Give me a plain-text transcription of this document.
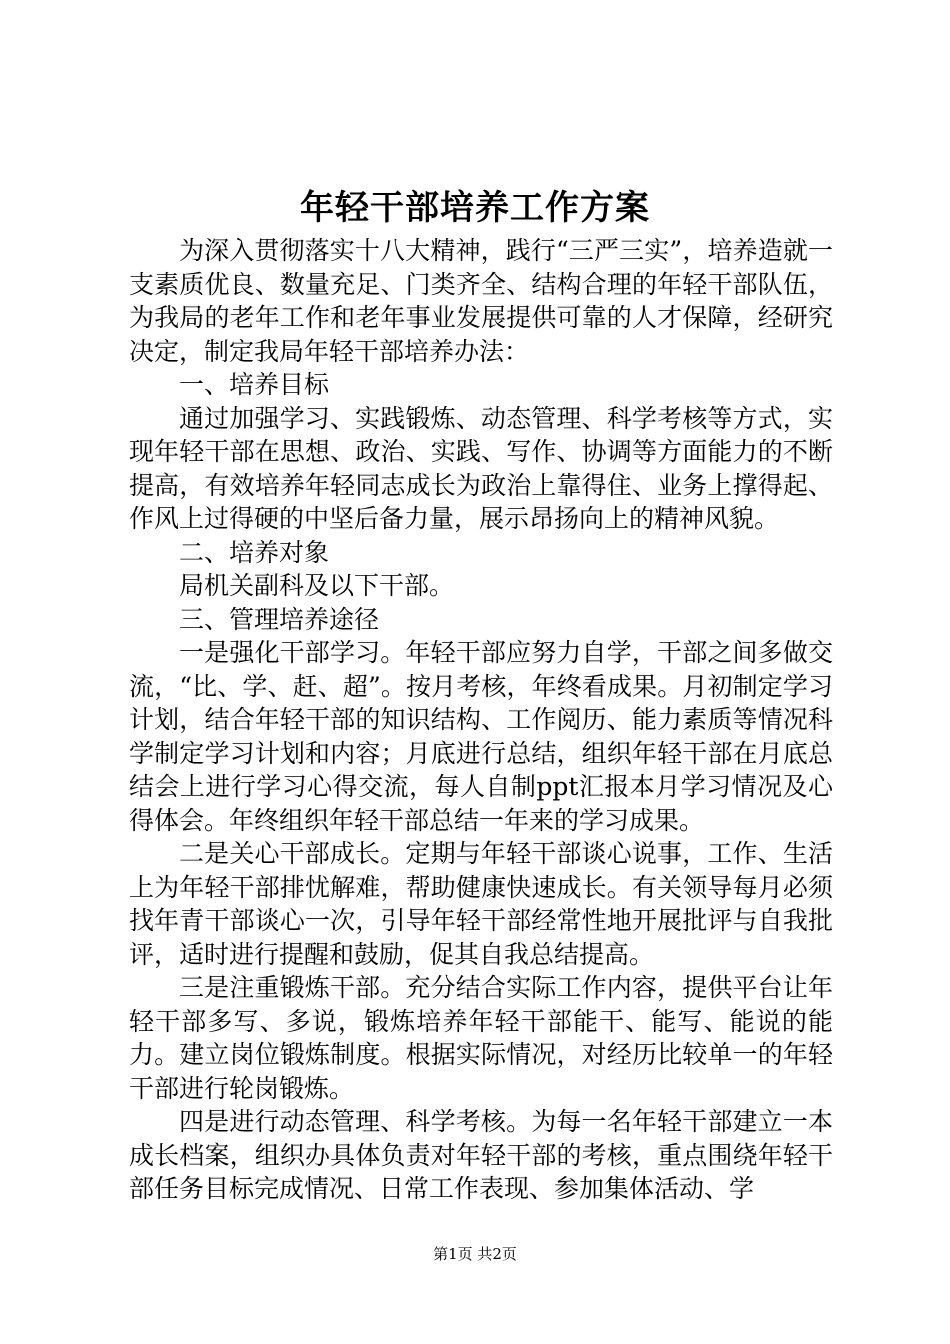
年轻干部培养工作方案

为深入贯彻落实十八大精神，践行“三严三实”，培养造就一支素质优良、数量充足、门类齐全、结构合理的年轻干部队伍，为我局的老年工作和老年事业发展提供可靠的人才保障，经研究决定，制定我局年轻干部培养办法：

一、培养目标

通过加强学习、实践锻炼、动态管理、科学考核等方式，实现年轻干部在思想、政治、实践、写作、协调等方面能力的不断提高，有效培养年轻同志成长为政治上靠得住、业务上撑得起、作风上过得硬的中坚后备力量，展示昂扬向上的精神风貌。

二、培养对象

局机关副科及以下干部。

三、管理培养途径

一是强化干部学习。年轻干部应努力自学，干部之间多做交流，“比、学、赶、超”。按月考核，年终看成果。月初制定学习计划，结合年轻干部的知识结构、工作阅历、能力素质等情况科学制定学习计划和内容；月底进行总结，组织年轻干部在月底总结会上进行学习心得交流，每人自制ppt汇报本月学习情况及心得体会。年终组织年轻干部总结一年来的学习成果。

二是关心干部成长。定期与年轻干部谈心说事，工作、生活上为年轻干部排忧解难，帮助健康快速成长。有关领导每月必须找年青干部谈心一次，引导年轻干部经常性地开展批评与自我批评，适时进行提醒和鼓励，促其自我总结提高。

三是注重锻炼干部。充分结合实际工作内容，提供平台让年轻干部多写、多说，锻炼培养年轻干部能干、能写、能说的能力。建立岗位锻炼制度。根据实际情况，对经历比较单一的年轻干部进行轮岗锻炼。

四是进行动态管理、科学考核。为每一名年轻干部建立一本成长档案，组织办具体负责对年轻干部的考核，重点围绕年轻干部任务目标完成情况、日常工作表现、参加集体活动、学

第1页 共2页
